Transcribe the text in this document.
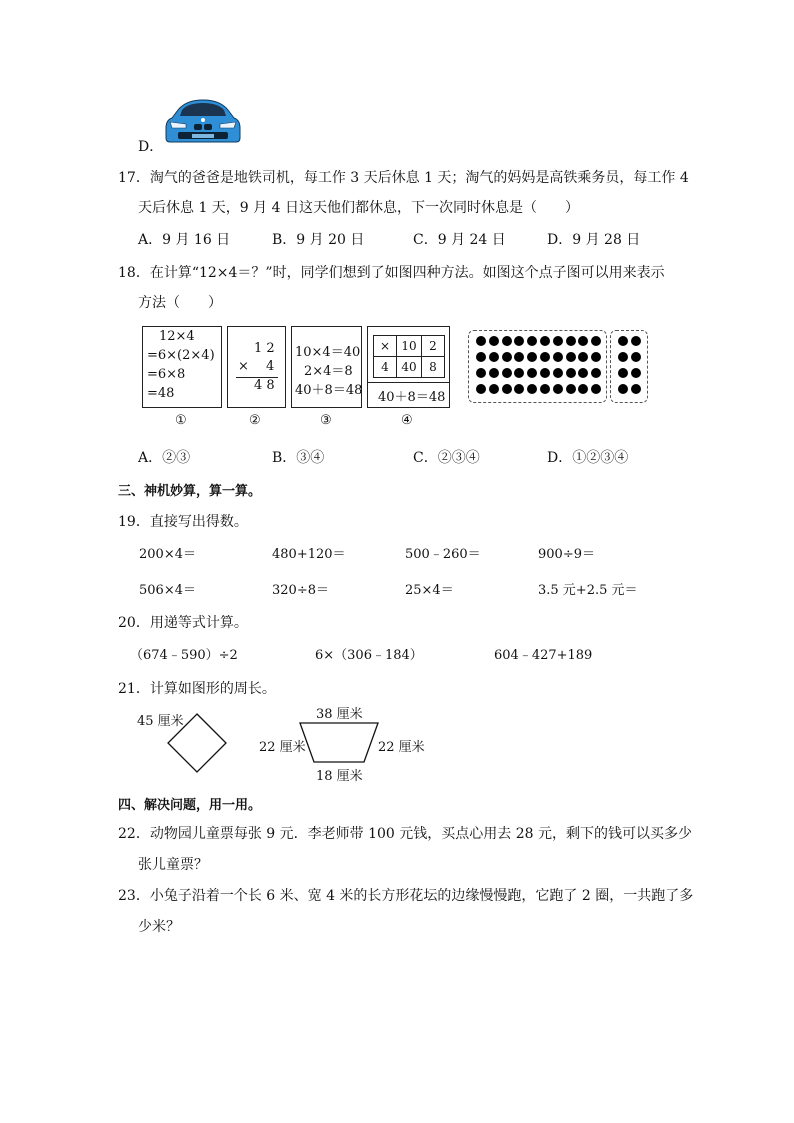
D．
17．淘气的爸爸是地铁司机，每工作 3 天后休息 1 天；淘气的妈妈是高铁乘务员，每工作 4
天后休息 1 天，9 月 4 日这天他们都休息，下一次同时休息是（　　）
A．9 月 16 日	B．9 月 20 日	C．9 月 24 日	D．9 月 28 日
18．在计算“12×4＝？”时，同学们想到了如图四种方法。如图这个点子图可以用来表示
方法（　　）
12×4
=6×(2×4)
=6×8
=48
1 2
× 4
4 8
10×4＝40
2×4＝8
40＋8＝48
×	10	2
4	40	8
40＋8＝48
①	②	③	④
A．②③	B．③④	C．②③④	D．①②③④
三、神机妙算，算一算。
19．直接写出得数。
200×4＝	480+120＝	500﹣260＝	900÷9＝
506×4＝	320÷8＝	25×4＝	3.5 元+2.5 元＝
20．用递等式计算。
（674﹣590）÷2	6×（306﹣184）	604﹣427+189
21．计算如图形的周长。
45 厘米	38 厘米
22 厘米	22 厘米
18 厘米
四、解决问题，用一用。
22．动物园儿童票每张 9 元．李老师带 100 元钱，买点心用去 28 元，剩下的钱可以买多少
张儿童票？
23．小兔子沿着一个长 6 米、宽 4 米的长方形花坛的边缘慢慢跑，它跑了 2 圈，一共跑了多
少米？
